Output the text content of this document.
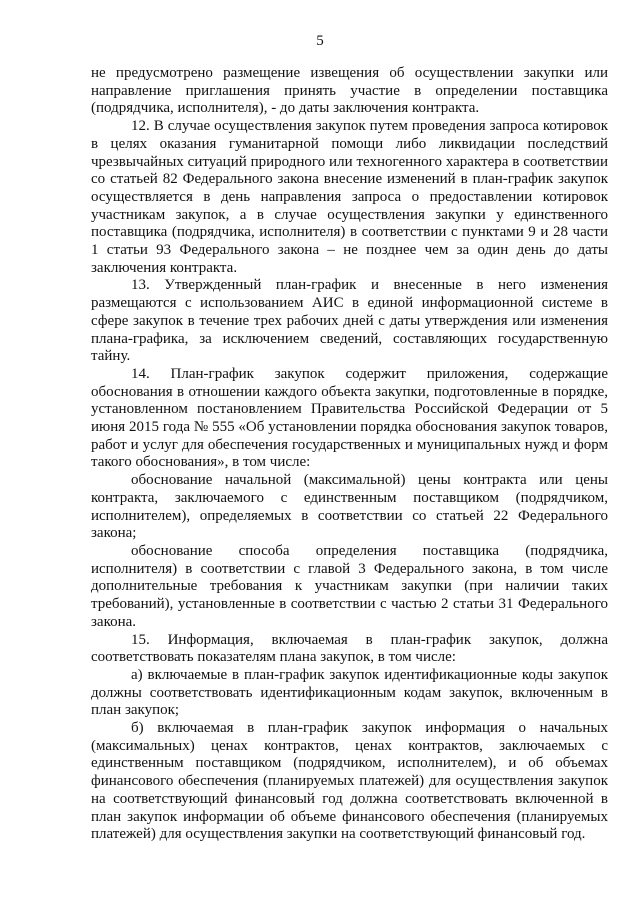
5

не предусмотрено размещение извещения об осуществлении закупки или направление приглашения принять участие в определении поставщика (подрядчика, исполнителя), - до даты заключения контракта.

12. В случае осуществления закупок путем проведения запроса котировок в целях оказания гуманитарной помощи либо ликвидации последствий чрезвычайных ситуаций природного или техногенного характера в соответствии со статьей 82 Федерального закона внесение изменений в план-график закупок осуществляется в день направления запроса о предоставлении котировок участникам закупок, а в случае осуществления закупки у единственного поставщика (подрядчика, исполнителя) в соответствии с пунктами 9 и 28 части 1 статьи 93 Федерального закона – не позднее чем за один день до даты заключения контракта.

13. Утвержденный план-график и внесенные в него изменения размещаются с использованием АИС в единой информационной системе в сфере закупок в течение трех рабочих дней с даты утверждения или изменения плана-графика, за исключением сведений, составляющих государственную тайну.

14. План-график закупок содержит приложения, содержащие обоснования в отношении каждого объекта закупки, подготовленные в порядке, установленном постановлением Правительства Российской Федерации от 5 июня 2015 года № 555 «Об установлении порядка обоснования закупок товаров, работ и услуг для обеспечения государственных и муниципальных нужд и форм такого обоснования», в том числе:

обоснование начальной (максимальной) цены контракта или цены контракта, заключаемого с единственным поставщиком (подрядчиком, исполнителем), определяемых в соответствии со статьей 22 Федерального закона;

обоснование способа определения поставщика (подрядчика, исполнителя) в соответствии с главой 3 Федерального закона, в том числе дополнительные требования к участникам закупки (при наличии таких требований), установленные в соответствии с частью 2 статьи 31 Федерального закона.

15. Информация, включаемая в план-график закупок, должна соответствовать показателям плана закупок, в том числе:

а) включаемые в план-график закупок идентификационные коды закупок должны соответствовать идентификационным кодам закупок, включенным в план закупок;

б) включаемая в план-график закупок информация о начальных (максимальных) ценах контрактов, ценах контрактов, заключаемых с единственным поставщиком (подрядчиком, исполнителем), и об объемах финансового обеспечения (планируемых платежей) для осуществления закупок на соответствующий финансовый год должна соответствовать включенной в план закупок информации об объеме финансового обеспечения (планируемых платежей) для осуществления закупки на соответствующий финансовый год.
